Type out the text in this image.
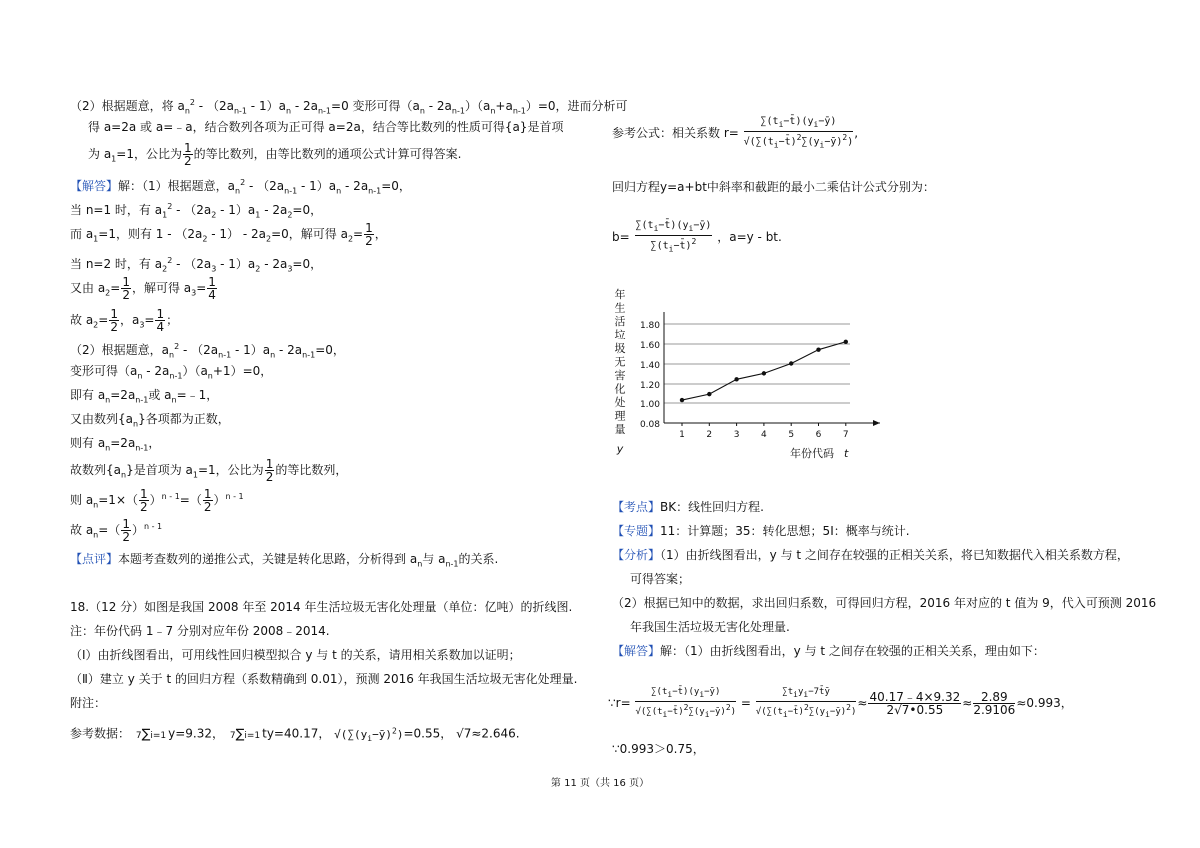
（2）根据题意，将 $a_n^2 - (2a_{n-1} - 1)a_n - 2a_{n-1}=0$ 变形可得$(a_n - 2a_{n-1})(a_n+a_{n-1})=0$，进而分析可
得 a=2a 或 a=﹣a，结合数列各项为正可得 a=2a，结合等比数列的性质可得{a}是首项
为 $a_1=1$，公比为 $\frac{1}{2}$ 的等比数列，由等比数列的通项公式计算可得答案.
【解答】解：（1）根据题意，$a_n^2 - (2a_{n-1} - 1)a_n - 2a_{n-1}=0$，
当 n=1 时，有 $a_1^2 - (2a_2 - 1)a_1 - 2a_2=0$，
而 $a_1=1$，则有 $1 - (2a_2 - 1) - 2a_2=0$，解可得 $a_2= \frac{1}{2}$ ，
当 n=2 时，有 $a_2^2 - (2a_3 - 1)a_2 - 2a_3=0$，
又由 $a_2= \frac{1}{2}$ ，解可得 $a_3= \frac{1}{4}$
故 $a_2= \frac{1}{2}$ ，$a_3= \frac{1}{4}$ ；
（2）根据题意，$a_n^2 - (2a_{n-1} - 1)a_n - 2a_{n-1}=0$，
变形可得$(a_n - 2a_{n-1})(a_n+1)=0$，
即有 $a_n=2a_{n-1}$或 $a_n=﹣1$，
又由数列$\{a_n\}$各项都为正数，
则有 $a_n=2a_{n-1}$，
故数列$\{a_n\}$是首项为 $a_1=1$，公比为 $\frac{1}{2}$ 的等比数列，
则 $a_n=1\times( \frac{1}{2} )^{n - 1}=( \frac{1}{2} )^{n - 1}$
故 $a_n=( \frac{1}{2} )^{n - 1}$
【点评】本题考查数列的递推公式，关键是转化思路，分析得到 $a_n$与 $a_{n-1}$的关系.
18.（12 分）如图是我国 2008 年至 2014 年生活垃圾无害化处理量（单位：亿吨）的折线图.
注：年份代码 1﹣7 分别对应年份 2008﹣2014.
（Ⅰ）由折线图看出，可用线性回归模型拟合 y 与 t 的关系，请用相关系数加以证明；
（Ⅱ）建立 y 关于 t 的回归方程（系数精确到 0.01），预测 2016 年我国生活垃圾无害化处理量.
附注：
参考数据： 7∑i=1 y=9.32， 7∑i=1 ty=40.17， $√(\sum(y_i-ȳ)^2)=0.55$， √7≈2.646.
参考公式：相关系数 $r= \frac{\sum(t_i-t̄)(y_i-ȳ)}{√(\sum(t_i-t̄)^2\sum(y_i-ȳ)^2)}$ ,
回归方程y=a+bt中斜率和截距的最小二乘估计公式分别为：
$b= \frac{\sum(t_i-t̄)(y_i-ȳ)}{\sum(t_i-t̄)^2}$ ，a=y - bt.
年
生
活
垃
圾
无
害
化
处
理
量
y
0.08
1.00
1.20
1.40
1.60
1.80
1 2 3 4 5 6 7
年份代码 t
【考点】BK：线性回归方程.
【专题】11：计算题；35：转化思想；5I：概率与统计.
【分析】（1）由折线图看出，y 与 t 之间存在较强的正相关关系，将已知数据代入相关系数方程，
可得答案；
（2）根据已知中的数据，求出回归系数，可得回归方程，2016 年对应的 t 值为 9，代入可预测 2016
年我国生活垃圾无害化处理量.
【解答】解：（1）由折线图看出，y 与 t 之间存在较强的正相关关系，理由如下：
∵r= $\frac{\sum(t_i-t̄)(y_i-ȳ)}{√(\sum(t_i-t̄)^2\sum(y_i-ȳ)^2)} = \frac{\sum t_iy_i-7t̄ȳ}{√(\sum(t_i-t̄)^2\sum(y_i-ȳ)^2)} \approx \frac{40.17﹣4\times 9.32}{2√7•0.55} \approx \frac{2.89}{2.9106} \approx 0.993$，
∵0.993＞0.75，
第 11 页（共 16 页）
